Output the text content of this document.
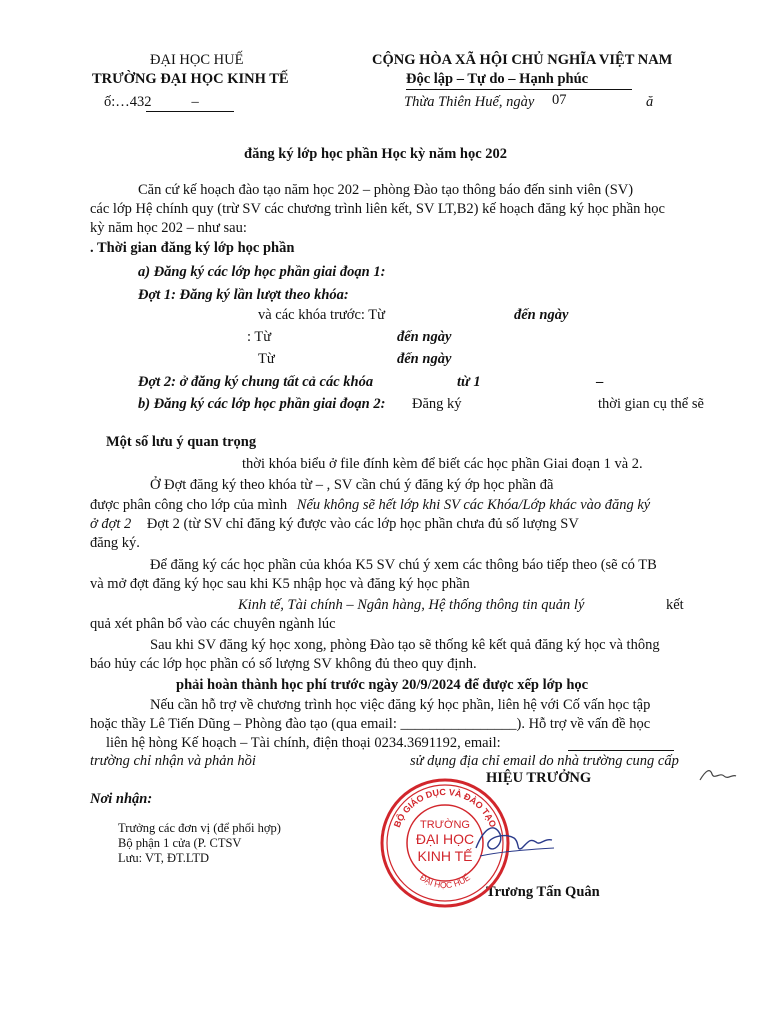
ĐẠI HỌC HUẾ
TRƯỜNG ĐẠI HỌC KINH TẾ
CỘNG HÒA XÃ HỘI CHỦ NGHĨA VIỆT NAM
Độc lập – Tự do – Hạnh phúc
ố:…432	–	Thừa Thiên Huế, ngày 07	ă
đăng ký lớp học phần Học kỳ năm học 202
Căn cứ kế hoạch đào tạo năm học 202 – phòng Đào tạo thông báo đến sinh viên (SV)
các lớp Hệ chính quy (trừ SV các chương trình liên kết, SV LT,B2) kế hoạch đăng ký học phần học
kỳ năm học 202 – như sau:
. Thời gian đăng ký lớp học phần
a) Đăng ký các lớp học phần giai đoạn 1:
Đợt 1: Đăng ký lần lượt theo khóa:
và các khóa trước: Từ	đến ngày
: Từ	đến ngày
Từ	đến ngày
Đợt 2: ở đăng ký chung tất cả các khóa	từ 1	–
b) Đăng ký các lớp học phần giai đoạn 2: Đăng ký	thời gian cụ thể sẽ
Một số lưu ý quan trọng
thời khóa biểu ở file đính kèm để biết các học phần Giai đoạn 1 và 2.
Ở Đợt đăng ký theo khóa từ – , SV cần chú ý đăng ký ớp học phần đã
được phân công cho lớp của mình Nếu không sẽ hết lớp khi SV các Khóa/Lớp khác vào đăng ký
ở đợt 2 Đợt 2 (từ SV chỉ đăng ký được vào các lớp học phần chưa đủ số lượng SV
đăng ký.
Để đăng ký các học phần của khóa K5 SV chú ý xem các thông báo tiếp theo (sẽ có TB
và mở đợt đăng ký học sau khi K5 nhập học và đăng ký học phần
Kinh tế, Tài chính – Ngân hàng, Hệ thống thông tin quản lý	kết
quả xét phân bổ vào các chuyên ngành lúc
Sau khi SV đăng ký học xong, phòng Đào tạo sẽ thống kê kết quả đăng ký học và thông
báo hủy các lớp học phần có số lượng SV không đủ theo quy định.
phải hoàn thành học phí trước ngày 20/9/2024 để được xếp lớp học
Nếu cần hỗ trợ về chương trình học việc đăng ký học phần, liên hệ với Cố vấn học tập
hoặc thầy Lê Tiến Dũng – Phòng đào tạo (qua email: ________________). Hỗ trợ về vấn đề học
liên hệ hòng Kế hoạch – Tài chính, điện thoại 0234.3691192, email:
trường chỉ nhận và phản hồi	sử dụng địa chỉ email do nhà trường cung cấp
HIỆU TRƯỞNG
Trương Tấn Quân
Nơi nhận:
Trưởng các đơn vị (để phối hợp)
Bộ phận 1 cửa (P. CTSV
Lưu: VT, ĐT.LTD
BỘ GIÁO DỤC VÀ ĐÀO TẠO
ĐẠI HỌC HUẾ
TRƯỜNG
ĐẠI HỌC
KINH TẾ
